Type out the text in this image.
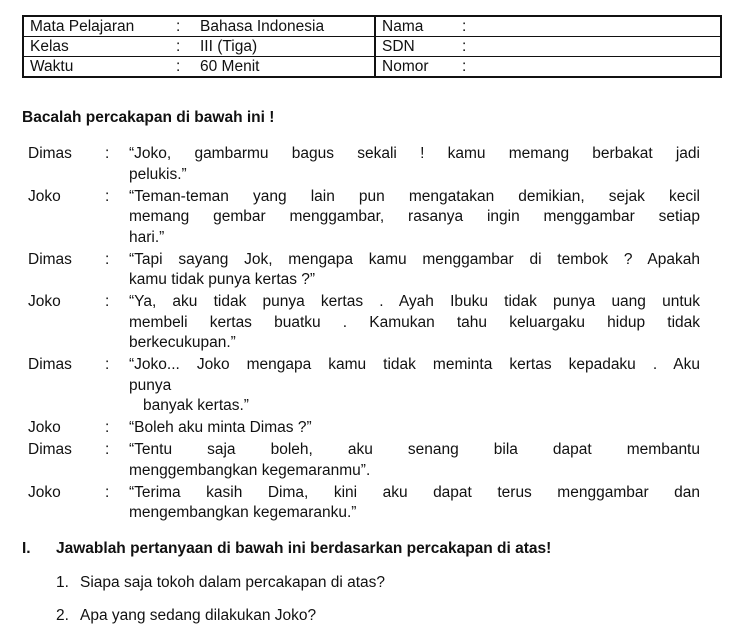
Mata Pelajaran : Bahasa Indonesia	Nama :

Kelas : III (Tiga)	SDN :

Waktu : 60 Menit	Nomor :
Bacalah percakapan di bawah ini !
Dimas	:	“Joko, gambarmu bagus sekali ! kamu memang berbakat jadi
pelukis.”
Joko	:	“Teman-teman yang lain pun mengatakan demikian, sejak kecil
memang gembar menggambar, rasanya ingin menggambar setiap
hari.”
Dimas	:	“Tapi sayang Jok, mengapa kamu menggambar di tembok ? Apakah
kamu tidak punya kertas ?”
Joko	:	“Ya, aku tidak punya kertas . Ayah Ibuku tidak punya uang untuk
membeli kertas buatku . Kamukan tahu keluargaku hidup tidak
berkecukupan.”
Dimas	:	“Joko... Joko mengapa kamu tidak meminta kertas kepadaku . Aku
punya
banyak kertas.”
Joko	:	“Boleh aku minta Dimas ?”
Dimas	:	“Tentu saja boleh, aku senang bila dapat membantu
menggembangkan kegemaranmu”.
Joko	:	“Terima kasih Dima, kini aku dapat terus menggambar dan
mengembangkan kegemaranku.”
I.	Jawablah pertanyaan di bawah ini berdasarkan percakapan di atas!
1. Siapa saja tokoh dalam percakapan di atas?
2. Apa yang sedang dilakukan Joko?
